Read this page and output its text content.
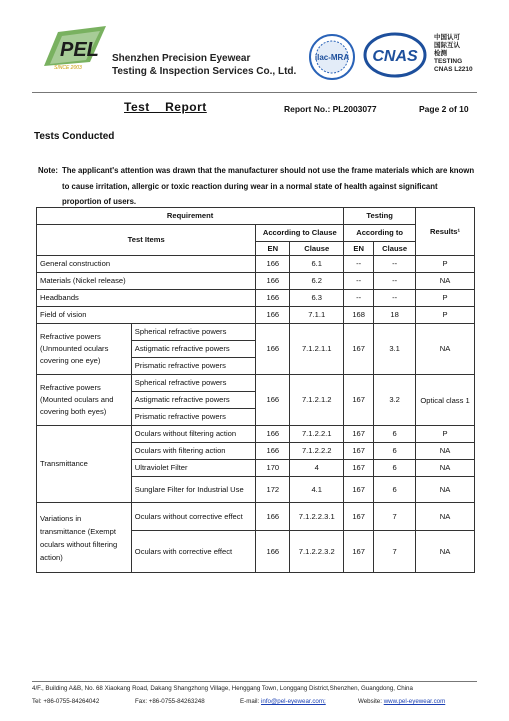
PEL
SINCE 2003
Shenzhen Precision Eyewear
Testing & Inspection Services Co., Ltd.
ilac-MRA CNAS
中国认可
国际互认
检测
TESTING
CNAS L2210
Test    Report	Report No.: PL2003077	Page 2 of 10
Tests Conducted
Note: The applicant's attention was drawn that the manufacturer should not use the frame materials which are known to cause irritation, allergic or toxic reaction during wear in a normal state of health against significant proportion of users.
Requirement				Testing		Results¹
Test Items		According to Clause		According to		
		EN	Clause	EN	Clause	
General construction		166	6.1	--	--	P
Materials (Nickel release)		166	6.2	--	--	NA
Headbands		166	6.3	--	--	P
Field of vision		166	7.1.1	168	18	P
Refractive powers (Unmounted oculars covering one eye)	Spherical refractive powers	166	7.1.2.1.1	167	3.1	NA
	Astigmatic refractive powers					
	Prismatic refractive powers					
Refractive powers (Mounted oculars and covering both eyes)	Spherical refractive powers	166	7.1.2.1.2	167	3.2	Optical class 1
	Astigmatic refractive powers					
	Prismatic refractive powers					
Transmittance	Oculars without filtering action	166	7.1.2.2.1	167	6	P
	Oculars with filtering action	166	7.1.2.2.2	167	6	NA
	Ultraviolet Filter	170	4	167	6	NA
	Sunglare Filter for Industrial Use	172	4.1	167	6	NA
Variations in transmittance (Exempt oculars without filtering action)	Oculars without corrective effect	166	7.1.2.2.3.1	167	7	NA
	Oculars with corrective effect	166	7.1.2.2.3.2	167	7	NA
4/F., Building A&B, No. 68 Xiaokang Road, Dakang Shangzhong Village, Henggang Town, Longgang District,Shenzhen, Guangdong, China
Tel: +86-0755-84264042	Fax: +86-0755-84263248	E-mail: info@pel-eyewear.com;	Website: www.pel-eyewear.com
